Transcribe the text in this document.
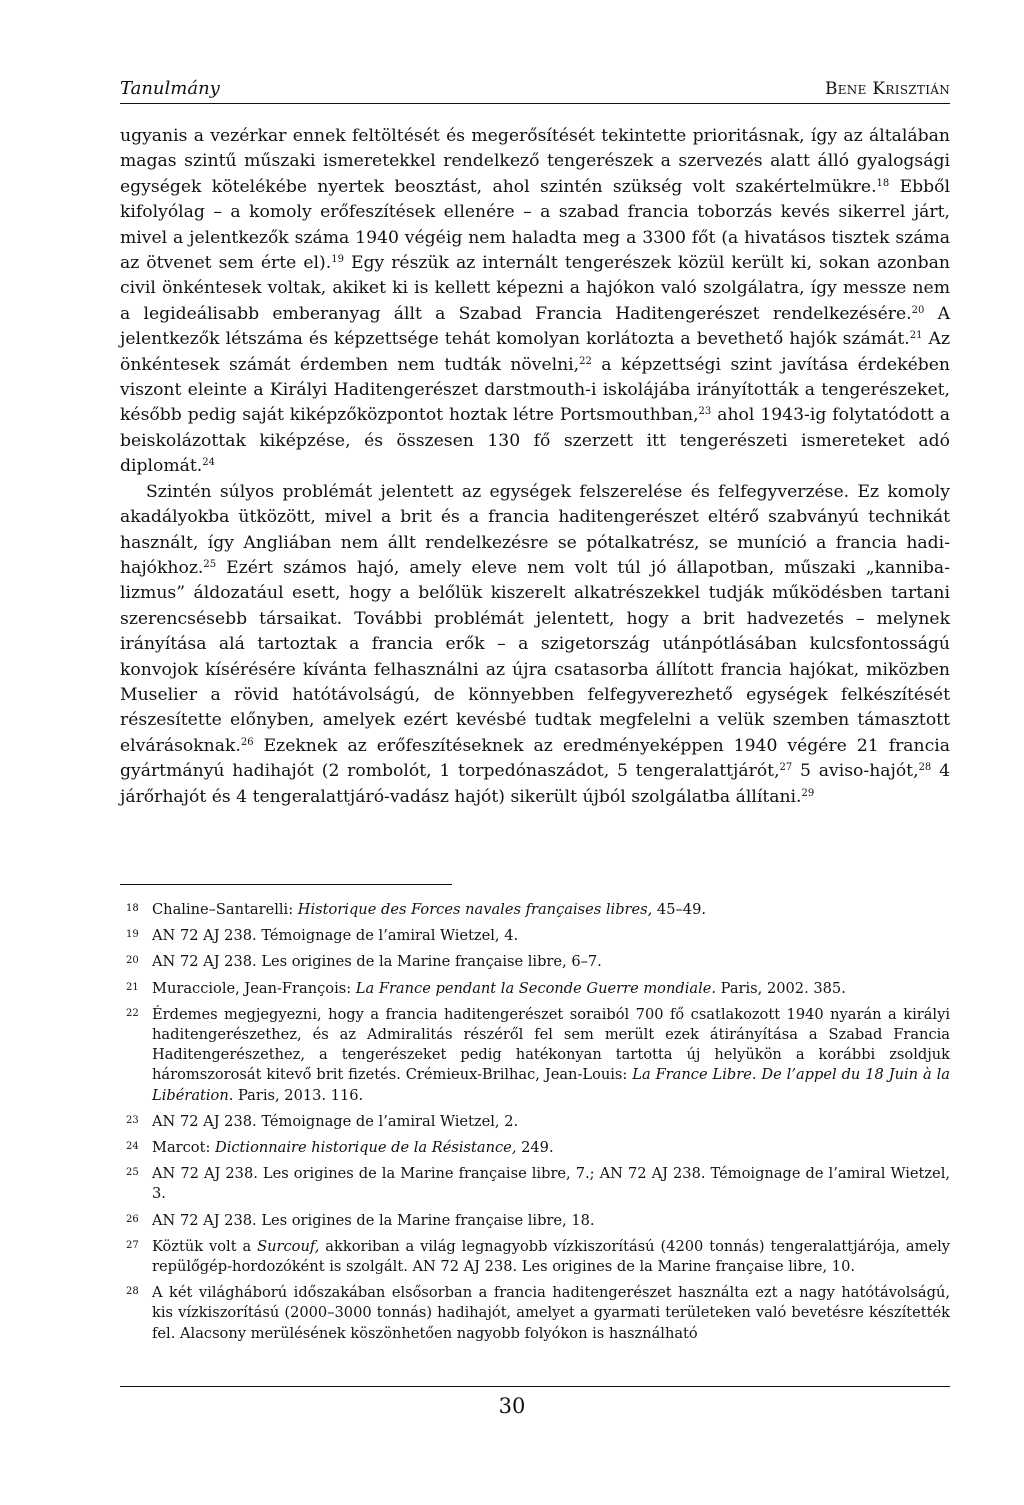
Tanulmány	Bene Krisztián

ugyanis a vezérkar ennek feltöltését és megerősítését tekintette prioritásnak, így az általában magas szintű műszaki ismeretekkel rendelkező tengerészek a szervezés alatt álló gyalogsági egységek kötelékébe nyertek beosztást, ahol szintén szükség volt szakértelmükre.$^{18}$ Ebből kifolyólag – a komoly erőfeszítések ellenére – a szabad francia toborzás kevés sikerrel járt, mivel a jelentkezők száma 1940 végéig nem haladta meg a 3300 főt (a hivatásos tisztek száma az ötvenet sem érte el).$^{19}$ Egy részük az internált tengerészek közül került ki, sokan azonban civil önkéntesek voltak, akiket ki is kellett képezni a hajókon való szolgálatra, így messze nem a legideálisabb emberanyag állt a Szabad Francia Haditengerészet rendelkezésére.$^{20}$ A jelentkezők létszáma és képzettsége tehát komolyan korlátozta a bevethető hajók számát.$^{21}$ Az önkéntesek számát érdemben nem tudták növelni,$^{22}$ a képzettségi szint javítása érdekében viszont eleinte a Királyi Haditengerészet darstmouth-i iskolájába irányították a tengerészeket, később pedig saját kiképzőközpontot hoztak létre Portsmouthban,$^{23}$ ahol 1943-ig folytatódott a beiskolázottak kiképzése, és összesen 130 fő szerzett itt tengerészeti ismereteket adó diplomát.$^{24}$

Szintén súlyos problémát jelentett az egységek felszerelése és felfegyverzése. Ez komoly akadályokba ütközött, mivel a brit és a francia haditengerészet eltérő szabványú technikát használt, így Angliában nem állt rendelkezésre se pótalkatrész, se muníció a francia hadihajókhoz.$^{25}$ Ezért számos hajó, amely eleve nem volt túl jó állapotban, műszaki „kannibalizmus” áldozatául esett, hogy a belőlük kiszerelt alkatrészekkel tudják működésben tartani szerencsésebb társaikat. További problémát jelentett, hogy a brit hadvezetés – melynek irányítása alá tartoztak a francia erők – a szigetország utánpótlásában kulcsfontosságú konvojok kísérésére kívánta felhasználni az újra csatasorba állított francia hajókat, miközben Muselier a rövid hatótávolságú, de könnyebben felfegyverezhető egységek felkészítését részesítette előnyben, amelyek ezért kevésbé tudtak megfelelni a velük szemben támasztott elvárásoknak.$^{26}$ Ezeknek az erőfeszítéseknek az eredményeképpen 1940 végére 21 francia gyártmányú hadihajót (2 rombolót, 1 torpedónaszádot, 5 tengeralattjárót,$^{27}$ 5 aviso-hajót,$^{28}$ 4 járőrhajót és 4 tengeralattjáró-vadász hajót) sikerült újból szolgálatba állítani.$^{29}$

18 Chaline–Santarelli: Historique des Forces navales françaises libres, 45–49.
19 AN 72 AJ 238. Témoignage de l’amiral Wietzel, 4.
20 AN 72 AJ 238. Les origines de la Marine française libre, 6–7.
21 Muracciole, Jean-François: La France pendant la Seconde Guerre mondiale. Paris, 2002. 385.
22 Érdemes megjegyezni, hogy a francia haditengerészet soraiból 700 fő csatlakozott 1940 nyarán a királyi haditengerészethez, és az Admiralitás részéről fel sem merült ezek átirányítása a Szabad Francia Haditengerészethez, a tengerészeket pedig hatékonyan tartotta új helyükön a korábbi zsoldjuk háromszorosát kitevő brit fizetés. Crémieux-Brilhac, Jean-Louis: La France Libre. De l’appel du 18 Juin à la Libération. Paris, 2013. 116.
23 AN 72 AJ 238. Témoignage de l’amiral Wietzel, 2.
24 Marcot: Dictionnaire historique de la Résistance, 249.
25 AN 72 AJ 238. Les origines de la Marine française libre, 7.; AN 72 AJ 238. Témoignage de l’amiral Wietzel, 3.
26 AN 72 AJ 238. Les origines de la Marine française libre, 18.
27 Köztük volt a Surcouf, akkoriban a világ legnagyobb vízkiszorítású (4200 tonnás) tengeralattjárója, amely repülőgép-hordozóként is szolgált. AN 72 AJ 238. Les origines de la Marine française libre, 10.
28 A két világháború időszakában elsősorban a francia haditengerészet használta ezt a nagy hatótávolságú, kis vízkiszorítású (2000–3000 tonnás) hadihajót, amelyet a gyarmati területeken való bevetésre készítették fel. Alacsony merülésének köszönhetően nagyobb folyókon is használható
30
